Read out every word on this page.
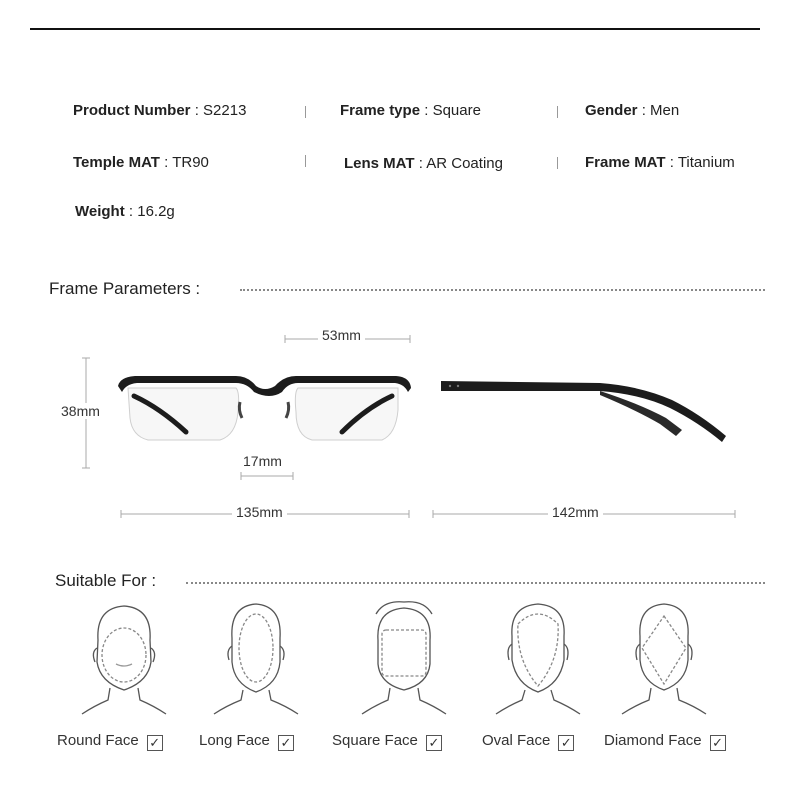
Product Number : S2213	Frame type : Square	Gender : Men
Temple MAT : TR90	Lens MAT : AR Coating	Frame MAT : Titanium
Weight : 16.2g
Frame Parameters :
53mm
38mm
17mm
135mm	142mm
Suitable For :
Round Face ✓	Long Face ✓	Square Face ✓	Oval Face ✓ Diamond Face ✓
